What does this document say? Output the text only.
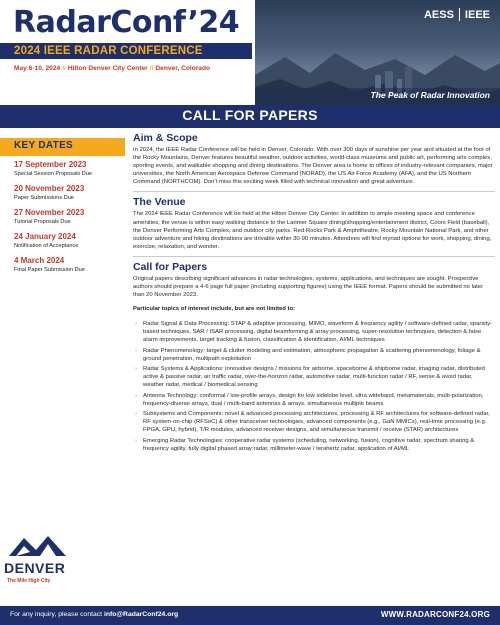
RadarConf’24
2024 IEEE RADAR CONFERENCE
May 6-10, 2024 // Hilton Denver City Center // Denver, Colorado
AESS IEEE
The Peak of Radar Innovation
CALL FOR PAPERS
KEY DATES
17 September 2023
Special Session Proposals Due
20 November 2023
Paper Submissions Due
27 November 2023
Tutorial Proposals Due
24 January 2024
Notification of Acceptance
4 March 2024
Final Paper Submission Due
DENVER
The Mile High City
Aim & Scope

In 2024, the IEEE Radar Conference will be held in Denver, Colorado. With over 300 days of sunshine per year and situated at the foot of the Rocky Mountains, Denver features beautiful weather, outdoor activities, world-class museums and public art, performing arts complex, sporting events, and walkable shopping and dining destinations. The Denver area is home to offices of industry-relevant companies, major universities, the North American Aerospace Defense Command (NORAD), the US Air Force Academy (AFA), and the US Northern Command (NORTHCOM). Don’t miss this exciting week filled with technical innovation and great adventure.

The Venue

The 2024 IEEE Radar Conference will be held at the Hilton Denver City Center. In addition to ample meeting space and conference amenities, the venue is within easy walking distance to the Larimer Square dining/shopping/entertainment district, Coors Field (baseball), the Denver Performing Arts Complex, and outdoor city parks. Red Rocks Park & Amphitheatre, Rocky Mountain National Park, and other outdoor adventure and hiking destinations are drivable within 30-90 minutes. Attendees will find myriad options for work, shopping, dining, exercise, relaxation, and wonder.

Call for Papers

Original papers describing significant advances in radar technologies, systems, applications, and techniques are sought. Prospective authors should prepare a 4-6 page full paper (including supporting figures) using the IEEE format. Papers should be submitted no later than 20 November 2023.

Particular topics of interest include, but are not limited to:

› Radar Signal & Data Processing: STAP & adaptive processing, MIMO, waveform & frequency agility / software-defined radar, sparsity-based techniques, SAR / ISAR processing, digital beamforming & array processing, super-resolution techniques, detection & false alarm improvements, target tracking & fusion, classification & identification, AI/ML techniques
› Radar Phenomenology: target & clutter modeling and estimation, atmospheric propagation & scattering phenomenology, foliage & ground penetration, multipath exploitation
› Radar Systems & Applications: innovative designs / missions for airborne, spaceborne & shipborne radar, imaging radar, distributed active & passive radar, air traffic radar, over-the-horizon radar, automotive radar, multi-function radar / RF, sense & avoid radar, weather radar, medical / biomedical sensing
› Antenna Technology: conformal / low-profile arrays, design for low sidelobe level, ultra wideband, metamaterials, multi-polarization, frequency-diverse arrays, dual / multi-band antennas & arrays, simultaneous multiple beams
› Subsystems and Components: novel & advanced processing architectures, processing & RF architectures for software-defined radar, RF system-on-chip (RFSoC) & other transceiver technologies, advanced components (e.g., GaN MMICs), real-time processing (e.g. FPGA, GPU, hybrid), T/R modules, advanced receiver designs, and simultaneous transmit / receive (STAR) architectures
› Emerging Radar Technologies: cooperative radar systems (scheduling, networking, fusion), cognitive radar, spectrum sharing & frequency agility, fully digital phased array radar, millimeter-wave / terahertz radar, application of AI/ML
For any inquiry, please contact info@RadarConf24.org	WWW.RADARCONF24.ORG
